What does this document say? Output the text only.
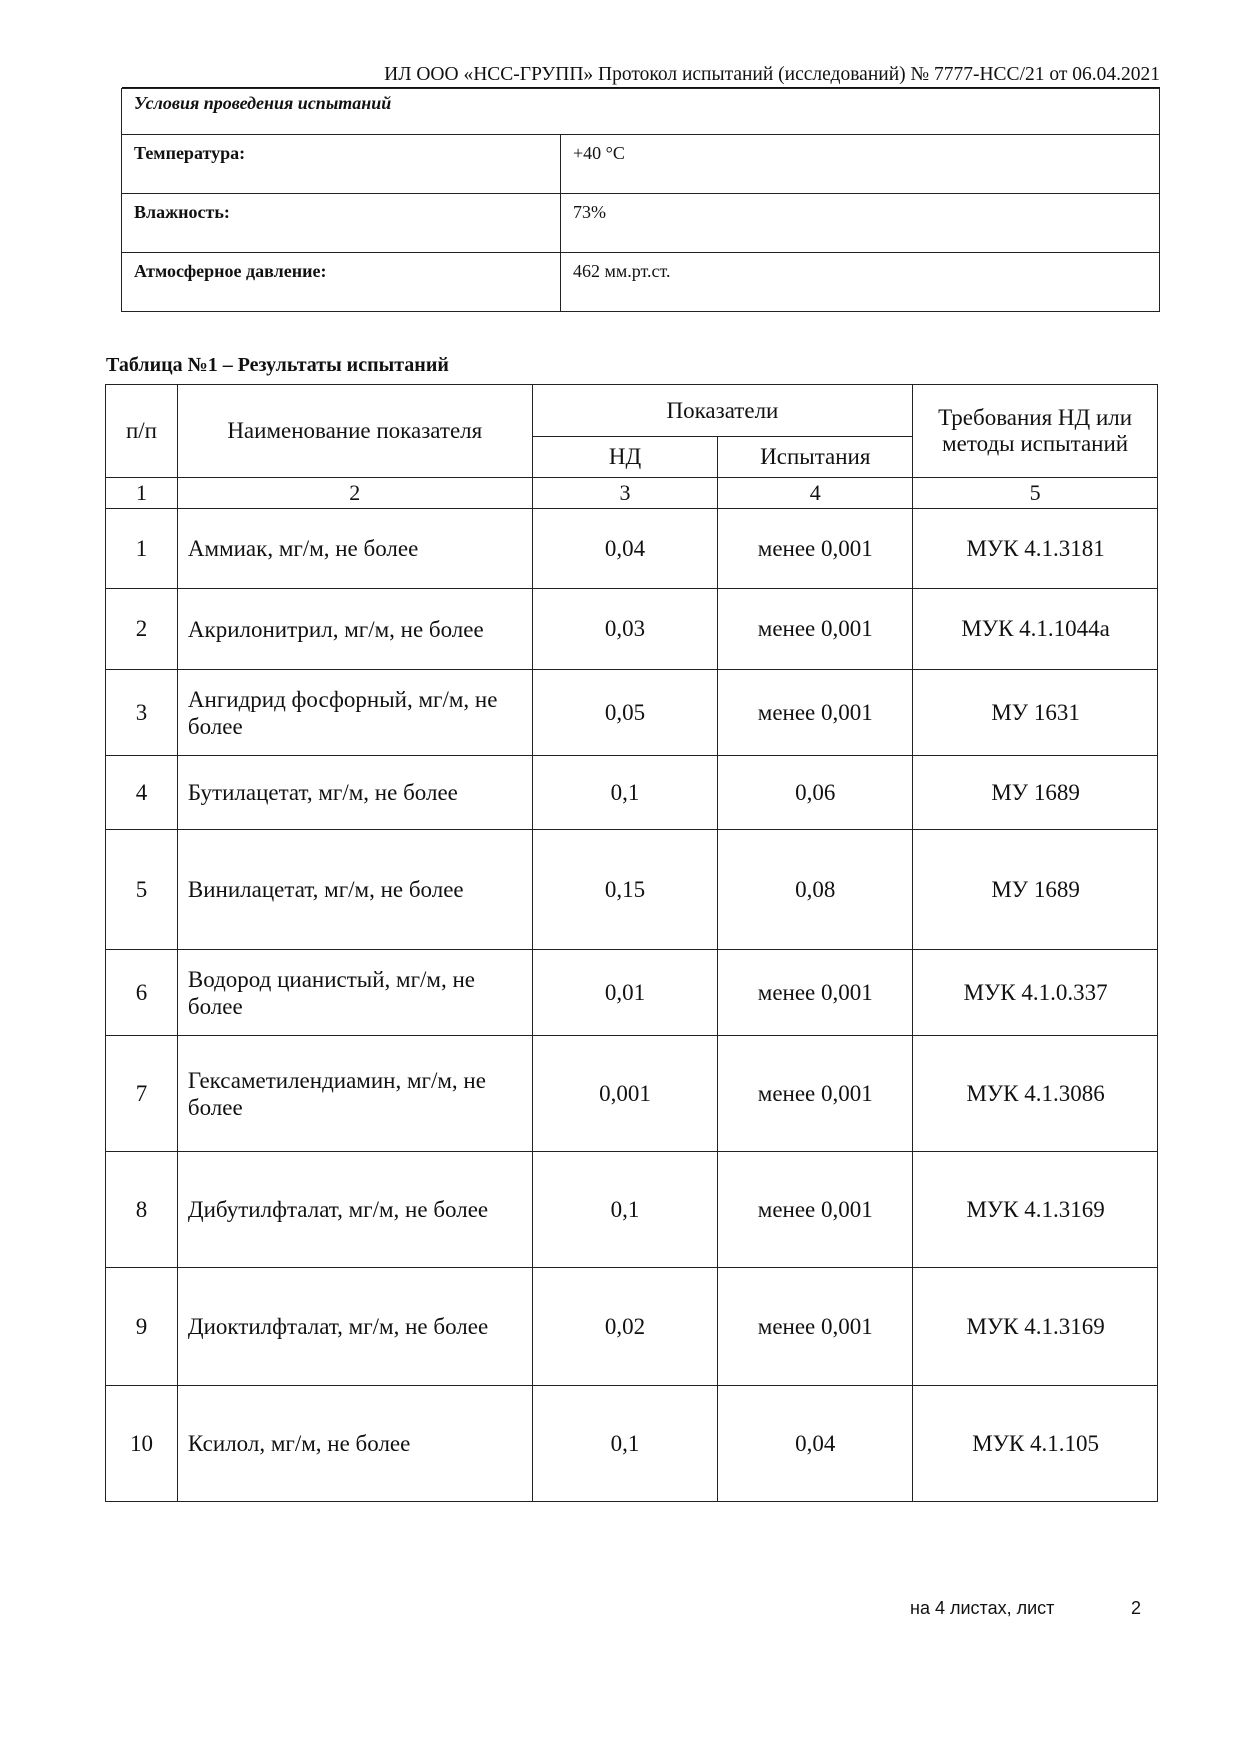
ИЛ ООО «НСС-ГРУПП» Протокол испытаний (исследований) № 7777-НСС/21 от 06.04.2021
Условия проведения испытаний	
Температура:	+40 °С
Влажность:	73%
Атмосферное давление:	462 мм.рт.ст.
Таблица №1 – Результаты испытаний
п/п	Наименование показателя	Показатели		Требования НД или методы испытаний
		НД	Испытания	
1	2	3	4	5
1	Аммиак, мг/м, не более	0,04	менее 0,001	МУК 4.1.3181
2	Акрилонитрил, мг/м, не более	0,03	менее 0,001	МУК 4.1.1044а
3	Ангидрид фосфорный, мг/м, не более	0,05	менее 0,001	МУ 1631
4	Бутилацетат, мг/м, не более	0,1	0,06	МУ 1689
5	Винилацетат, мг/м, не более	0,15	0,08	МУ 1689
6	Водород цианистый, мг/м, не более	0,01	менее 0,001	МУК 4.1.0.337
7	Гексаметилендиамин, мг/м, не более	0,001	менее 0,001	МУК 4.1.3086
8	Дибутилфталат, мг/м, не более	0,1	менее 0,001	МУК 4.1.3169
9	Диоктилфталат, мг/м, не более	0,02	менее 0,001	МУК 4.1.3169
10	Ксилол, мг/м, не более	0,1	0,04	МУК 4.1.105
на 4 листах, лист	2
